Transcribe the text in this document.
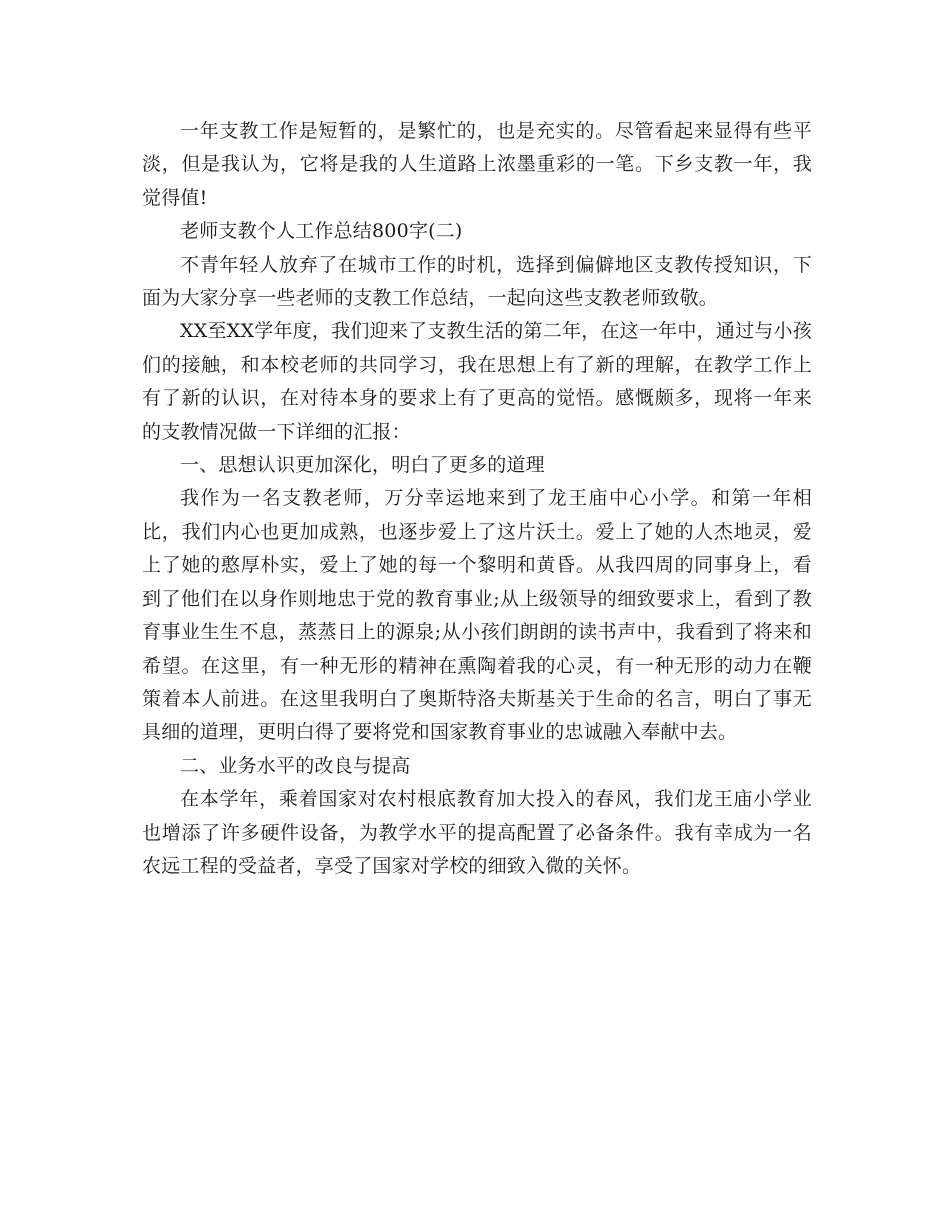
一年支教工作是短暂的，是繁忙的，也是充实的。尽管看起来显得有些平淡，但是我认为，它将是我的人生道路上浓墨重彩的一笔。下乡支教一年，我觉得值!

老师支教个人工作总结800字(二)

不青年轻人放弃了在城市工作的时机，选择到偏僻地区支教传授知识，下面为大家分享一些老师的支教工作总结，一起向这些支教老师致敬。

XX至XX学年度，我们迎来了支教生活的第二年，在这一年中，通过与小孩们的接触，和本校老师的共同学习，我在思想上有了新的理解，在教学工作上有了新的认识，在对待本身的要求上有了更高的觉悟。感慨颇多，现将一年来的支教情况做一下详细的汇报：

一、思想认识更加深化，明白了更多的道理

我作为一名支教老师，万分幸运地来到了龙王庙中心小学。和第一年相比，我们内心也更加成熟，也逐步爱上了这片沃土。爱上了她的人杰地灵，爱上了她的憨厚朴实，爱上了她的每一个黎明和黄昏。从我四周的同事身上，看到了他们在以身作则地忠于党的教育事业;从上级领导的细致要求上，看到了教育事业生生不息，蒸蒸日上的源泉;从小孩们朗朗的读书声中，我看到了将来和希望。在这里，有一种无形的精神在熏陶着我的心灵，有一种无形的动力在鞭策着本人前进。在这里我明白了奥斯特洛夫斯基关于生命的名言，明白了事无具细的道理，更明白得了要将党和国家教育事业的忠诚融入奉献中去。

二、业务水平的改良与提高

在本学年，乘着国家对农村根底教育加大投入的春风，我们龙王庙小学业也增添了许多硬件设备，为教学水平的提高配置了必备条件。我有幸成为一名农远工程的受益者，享受了国家对学校的细致入微的关怀。
